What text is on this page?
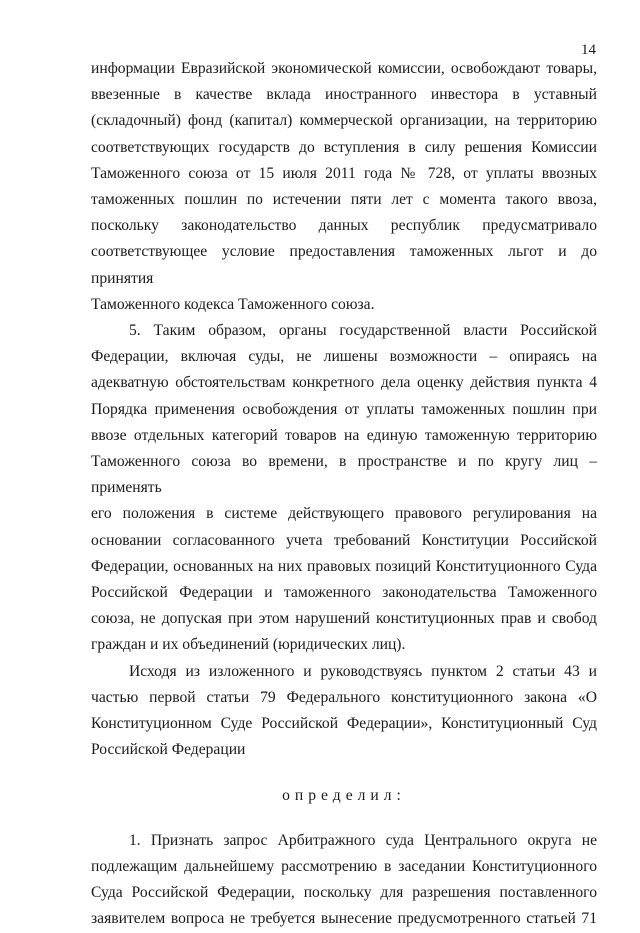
14

информации Евразийской экономической комиссии, освобождают товары,
ввезенные в качестве вклада иностранного инвестора в уставный
(складочный) фонд (капитал) коммерческой организации, на территорию
соответствующих государств до вступления в силу решения Комиссии
Таможенного союза от 15 июля 2011 года № 728, от уплаты ввозных
таможенных пошлин по истечении пяти лет с момента такого ввоза,
поскольку законодательство данных республик предусматривало
соответствующее условие предоставления таможенных льгот и до принятия
Таможенного кодекса Таможенного союза.

5. Таким образом, органы государственной власти Российской
Федерации, включая суды, не лишены возможности – опираясь на
адекватную обстоятельствам конкретного дела оценку действия пункта 4
Порядка применения освобождения от уплаты таможенных пошлин при
ввозе отдельных категорий товаров на единую таможенную территорию
Таможенного союза во времени, в пространстве и по кругу лиц – применять
его положения в системе действующего правового регулирования на
основании согласованного учета требований Конституции Российской
Федерации, основанных на них правовых позиций Конституционного Суда
Российской Федерации и таможенного законодательства Таможенного
союза, не допуская при этом нарушений конституционных прав и свобод
граждан и их объединений (юридических лиц).

Исходя из изложенного и руководствуясь пунктом 2 статьи 43 и
частью первой статьи 79 Федерального конституционного закона «О
Конституционном Суде Российской Федерации», Конституционный Суд
Российской Федерации

определил:

1. Признать запрос Арбитражного суда Центрального округа не
подлежащим дальнейшему рассмотрению в заседании Конституционного
Суда Российской Федерации, поскольку для разрешения поставленного
заявителем вопроса не требуется вынесение предусмотренного статьей 71
